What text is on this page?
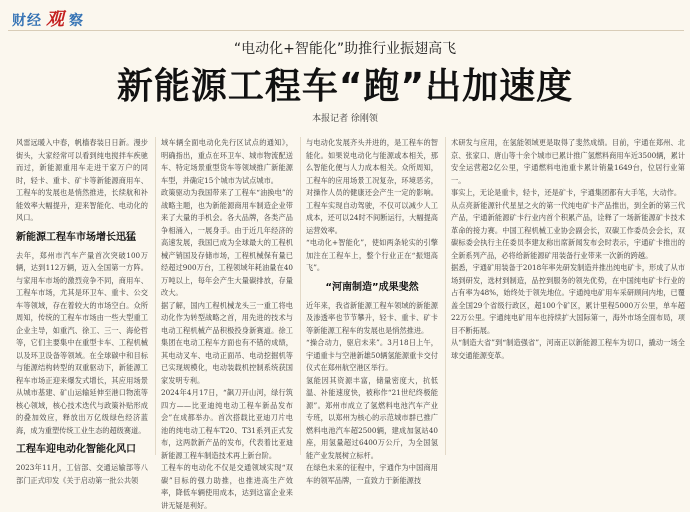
财经 观 察
“电动化+智能化”助推行业振翅高飞
新能源工程车“跑”出加速度
本报记者 徐刚领

风雷远暖入中春，帆樯春装日日新。漫步街头，大家经常可以看到纯电搅拌车疾驰而过，新能源重用车走进干家万户的同时，轻卡、重卡、矿卡等新能源商用车、工程车的发展也是悄然推进，长续航和补能效率大幅提升，迎来智能化、电动化的风口。

新能源工程车市场增长迅猛

去年，郑州市汽车产量首次突破100万辆，达到112万辆，迈入全国第一方阵。与家用车市场的激烈竞争不同，商用车、工程车市场，尤其是环卫车、重卡、公交车等领域，存在着较大的市场空白。众所周知，传统的工程车市场由一些大型重工企业主导，如重汽、徐工、三一、海伦哲等，它们主要集中在重型卡车、工程机械以及环卫设备等领域。在全球碳中和目标与能源结构转型的双重驱动下，新能源工程车市场正迎来爆发式增长，其应用场景从城市基建、矿山运输延伸至港口物流等核心领域，核心技术迭代与政策补贴形成的叠加效应，释放出万亿级绿色经济蓝海，成为重塑传统工业生态的超级赛道。

工程车迎电动化智能化风口

2023年11月，工信部、交通运输部等八部门正式印发《关于启动第一批公共领

域车辆全面电动化先行区试点的通知》，明确指出，重点在环卫车、城市物流配送车、特定场景重型货车等领域推广新能源车型，并确定15个城市为试点城市。

政策驱动为我国带来了工程车“油换电”的战略主题，也为新能源商用车制造企业带来了大量的手机会。各大品牌，各类产品争相涌入，一展身手。由于近几年经济的高速发展，我国已成为全球最大的工程机械产销国及存储市场，工程机械保有量已经超过900万台，工程领域年耗油量在40万吨以上，每年会产生大量碳排放，存量改大。

据了解，国内工程机械龙头三一重工将电动化作为转型战略之首，用先进的技术与电动工程机械产品积极投身新赛道。徐工集团在电动工程车方面也有不错的成绩，其电动叉车、电动正面吊、电动挖掘机等已实现规模化，电动装载机控制系统获国家发明专利。

2024年4月17日，“飙刀开山河，绿行筑四方——比亚迪纯电动工程车新品发布会”在成都举办。首次搭载比亚迪刀片电池的纯电动工程车T20、T31系列正式发布，这两款新产品的发布，代表着比亚迪新能源工程车制造技术再上新台阶。

工程车的电动化不仅是交通领域实现“双碳”目标的强力助推，也推进高生产效率，降低车辆使用成本，达到这富企业来讲无疑是利好。

与电动化发展齐头并进的，是工程车的智能化。如果说电动化与能源或本相关，那么智能化便与人力成本相关。众所周知，工程车的应用场景工况复杂，环境恶劣，对操作人员的健康还会产生一定的影响。工程车实现自动驾驶，不仅可以减少人工成本，还可以24时不间断运行，大幅提高运营效率。

“电动化+智能化”，使如两条轮实的引擎加注在工程车上，整个行业正在“振翅高飞”。

“河南制造”成果斐然

近年来，我省新能源工程车领域的新能源及渗透率也节节攀升，轻卡、重卡、矿卡等新能源工程车的发展也是悄然推进。

“操合动力，驱启未来”。3月18日上午，宇通重卡与空港新雄50辆氢能源重卡交付仪式在郑州航空港区举行。

氢能因其资源丰富，储量密度大，抗低温、补能速度快，被称作“21世纪终极能源”。郑州市成立了氢燃料电池汽车产业专班，以郑州为核心的示范城市群已推广燃料电池汽车超2500辆，建成加氢站40座，用氢量超过6400万公斤，为全国氢能产业发展树立标杆。

在绿色未来的征程中，宇通作为中国商用车的领军品牌，一直致力于新能源技

术研发与应用，在氢能领域更是取得了斐然成绩。目前，宇通在郑州、北京、张家口、唐山等十余个城市已累计推广氢燃料商用车近3500辆，累计安全运营超2亿公里，宇通燃料电池重卡累计销量1649台，位居行业第一。

事实上，无论是重卡，轻卡，还是矿卡，宇通集团都有大手笔，大动作。

从点亮新能源针代星星之火的第一代纯电矿卡产品推出，到全新的第三代产品，宇通新能源矿卡行业内首个积累产品，诠释了一场新能源矿卡技术革命的接力赛。中国工程机械工业协会副会长，双碳工作委员会会长，双碳标委会执行主任委员李建友称出席新闻发布会时表示，宇通矿卡推出的全新系列产品，必将给新能源矿用装备行业带来一次新的跨越。

据悉，宇通矿用装备于2018年率先研发制造并推出纯电矿卡，形成了从市场到研发，选材到制造，品控到服务的领先优势，在中国纯电矿卡行业的占有率为48%，始终处于领先地位。宇通纯电矿用车采研顾问内地，已覆盖全国29个省级行政区，超100个矿区，累计里程5000万公里，单车超22万公里。宇通纯电矿用车也持续扩大国际第一，海外市场全面布局，项目不断拓展。

从“制造大省”到“制造强省”，河南正以新能源工程车为切口，撬动一场全球交通能源变革。
